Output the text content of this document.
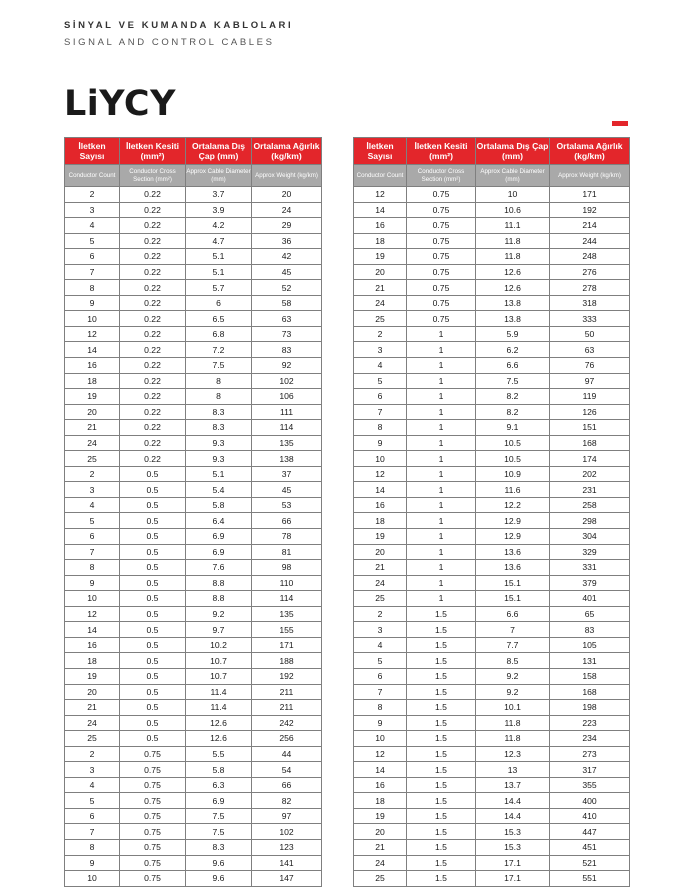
SİNYAL VE KUMANDA KABLOLARI
SIGNAL AND CONTROL CABLES
LiYCY
İletken Sayısı	İletken Kesiti (mm²)	Ortalama Dış Çap (mm)	Ortalama Ağırlık (kg/km)
Conductor Count	Conductor Cross Section (mm²)	Approx Cable Diameter (mm)	Approx Weight (kg/km)
2	0.22	3.7	20
3	0.22	3.9	24
4	0.22	4.2	29
5	0.22	4.7	36
6	0.22	5.1	42
7	0.22	5.1	45
8	0.22	5.7	52
9	0.22	6	58
10	0.22	6.5	63
12	0.22	6.8	73
14	0.22	7.2	83
16	0.22	7.5	92
18	0.22	8	102
19	0.22	8	106
20	0.22	8.3	111
21	0.22	8.3	114
24	0.22	9.3	135
25	0.22	9.3	138
2	0.5	5.1	37
3	0.5	5.4	45
4	0.5	5.8	53
5	0.5	6.4	66
6	0.5	6.9	78
7	0.5	6.9	81
8	0.5	7.6	98
9	0.5	8.8	110
10	0.5	8.8	114
12	0.5	9.2	135
14	0.5	9.7	155
16	0.5	10.2	171
18	0.5	10.7	188
19	0.5	10.7	192
20	0.5	11.4	211
21	0.5	11.4	211
24	0.5	12.6	242
25	0.5	12.6	256
2	0.75	5.5	44
3	0.75	5.8	54
4	0.75	6.3	66
5	0.75	6.9	82
6	0.75	7.5	97
7	0.75	7.5	102
8	0.75	8.3	123
9	0.75	9.6	141
10	0.75	9.6	147
İletken Sayısı	İletken Kesiti (mm²)	Ortalama Dış Çap (mm)	Ortalama Ağırlık (kg/km)
Conductor Count	Conductor Cross Section (mm²)	Approx Cable Diameter (mm)	Approx Weight (kg/km)
12	0.75	10	171
14	0.75	10.6	192
16	0.75	11.1	214
18	0.75	11.8	244
19	0.75	11.8	248
20	0.75	12.6	276
21	0.75	12.6	278
24	0.75	13.8	318
25	0.75	13.8	333
2	1	5.9	50
3	1	6.2	63
4	1	6.6	76
5	1	7.5	97
6	1	8.2	119
7	1	8.2	126
8	1	9.1	151
9	1	10.5	168
10	1	10.5	174
12	1	10.9	202
14	1	11.6	231
16	1	12.2	258
18	1	12.9	298
19	1	12.9	304
20	1	13.6	329
21	1	13.6	331
24	1	15.1	379
25	1	15.1	401
2	1.5	6.6	65
3	1.5	7	83
4	1.5	7.7	105
5	1.5	8.5	131
6	1.5	9.2	158
7	1.5	9.2	168
8	1.5	10.1	198
9	1.5	11.8	223
10	1.5	11.8	234
12	1.5	12.3	273
14	1.5	13	317
16	1.5	13.7	355
18	1.5	14.4	400
19	1.5	14.4	410
20	1.5	15.3	447
21	1.5	15.3	451
24	1.5	17.1	521
25	1.5	17.1	551
